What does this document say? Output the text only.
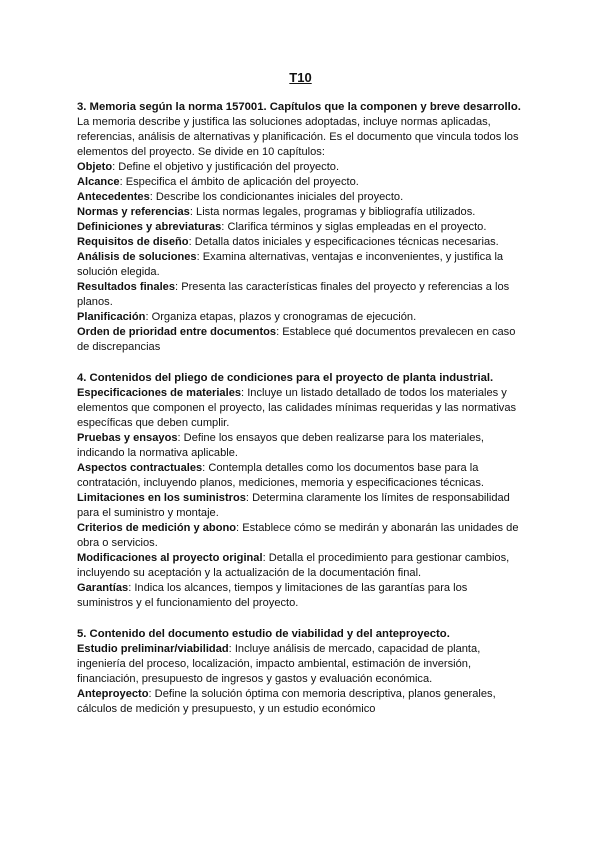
T10

3. Memoria según la norma 157001. Capítulos que la componen y breve desarrollo.

La memoria describe y justifica las soluciones adoptadas, incluye normas aplicadas, referencias, análisis de alternativas y planificación. Es el documento que vincula todos los elementos del proyecto. Se divide en 10 capítulos:

Objeto: Define el objetivo y justificación del proyecto.

Alcance: Especifica el ámbito de aplicación del proyecto.

Antecedentes: Describe los condicionantes iniciales del proyecto.

Normas y referencias: Lista normas legales, programas y bibliografía utilizados.

Definiciones y abreviaturas: Clarifica términos y siglas empleadas en el proyecto.

Requisitos de diseño: Detalla datos iniciales y especificaciones técnicas necesarias.

Análisis de soluciones: Examina alternativas, ventajas e inconvenientes, y justifica la solución elegida.

Resultados finales: Presenta las características finales del proyecto y referencias a los planos.

Planificación: Organiza etapas, plazos y cronogramas de ejecución.

Orden de prioridad entre documentos: Establece qué documentos prevalecen en caso de discrepancias

4. Contenidos del pliego de condiciones para el proyecto de planta industrial.

Especificaciones de materiales: Incluye un listado detallado de todos los materiales y elementos que componen el proyecto, las calidades mínimas requeridas y las normativas específicas que deben cumplir.

Pruebas y ensayos: Define los ensayos que deben realizarse para los materiales, indicando la normativa aplicable.

Aspectos contractuales: Contempla detalles como los documentos base para la contratación, incluyendo planos, mediciones, memoria y especificaciones técnicas.

Limitaciones en los suministros: Determina claramente los límites de responsabilidad para el suministro y montaje.

Criterios de medición y abono: Establece cómo se medirán y abonarán las unidades de obra o servicios.

Modificaciones al proyecto original: Detalla el procedimiento para gestionar cambios, incluyendo su aceptación y la actualización de la documentación final.

Garantías: Indica los alcances, tiempos y limitaciones de las garantías para los suministros y el funcionamiento del proyecto.

5. Contenido del documento estudio de viabilidad y del anteproyecto.

Estudio preliminar/viabilidad: Incluye análisis de mercado, capacidad de planta, ingeniería del proceso, localización, impacto ambiental, estimación de inversión, financiación, presupuesto de ingresos y gastos y evaluación económica.

Anteproyecto: Define la solución óptima con memoria descriptiva, planos generales, cálculos de medición y presupuesto, y un estudio económico
